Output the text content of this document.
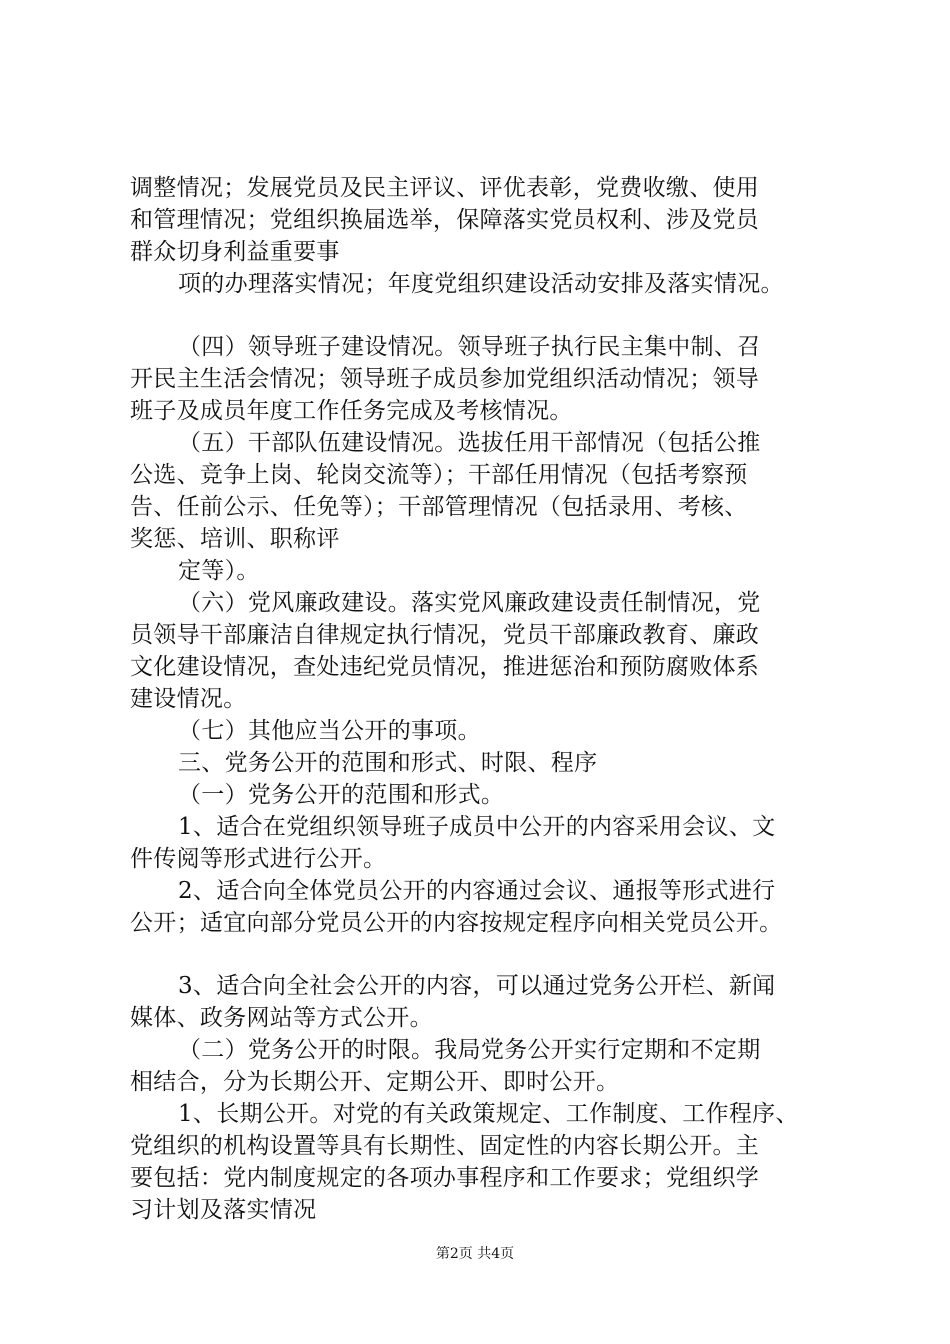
调整情况；发展党员及民主评议、评优表彰，党费收缴、使用
和管理情况；党组织换届选举，保障落实党员权利、涉及党员
群众切身利益重要事
项的办理落实情况；年度党组织建设活动安排及落实情况。
（四）领导班子建设情况。领导班子执行民主集中制、召
开民主生活会情况；领导班子成员参加党组织活动情况；领导
班子及成员年度工作任务完成及考核情况。
（五）干部队伍建设情况。选拔任用干部情况（包括公推
公选、竞争上岗、轮岗交流等）；干部任用情况（包括考察预
告、任前公示、任免等）；干部管理情况（包括录用、考核、
奖惩、培训、职称评
定等）。
（六）党风廉政建设。落实党风廉政建设责任制情况，党
员领导干部廉洁自律规定执行情况，党员干部廉政教育、廉政
文化建设情况，查处违纪党员情况，推进惩治和预防腐败体系
建设情况。
（七）其他应当公开的事项。
三、党务公开的范围和形式、时限、程序
（一）党务公开的范围和形式。
1、适合在党组织领导班子成员中公开的内容采用会议、文
件传阅等形式进行公开。
2、适合向全体党员公开的内容通过会议、通报等形式进行
公开；适宜向部分党员公开的内容按规定程序向相关党员公开。
3、适合向全社会公开的内容，可以通过党务公开栏、新闻
媒体、政务网站等方式公开。
（二）党务公开的时限。我局党务公开实行定期和不定期
相结合，分为长期公开、定期公开、即时公开。
1、长期公开。对党的有关政策规定、工作制度、工作程序、
党组织的机构设置等具有长期性、固定性的内容长期公开。主
要包括：党内制度规定的各项办事程序和工作要求；党组织学
习计划及落实情况
第2页 共4页
